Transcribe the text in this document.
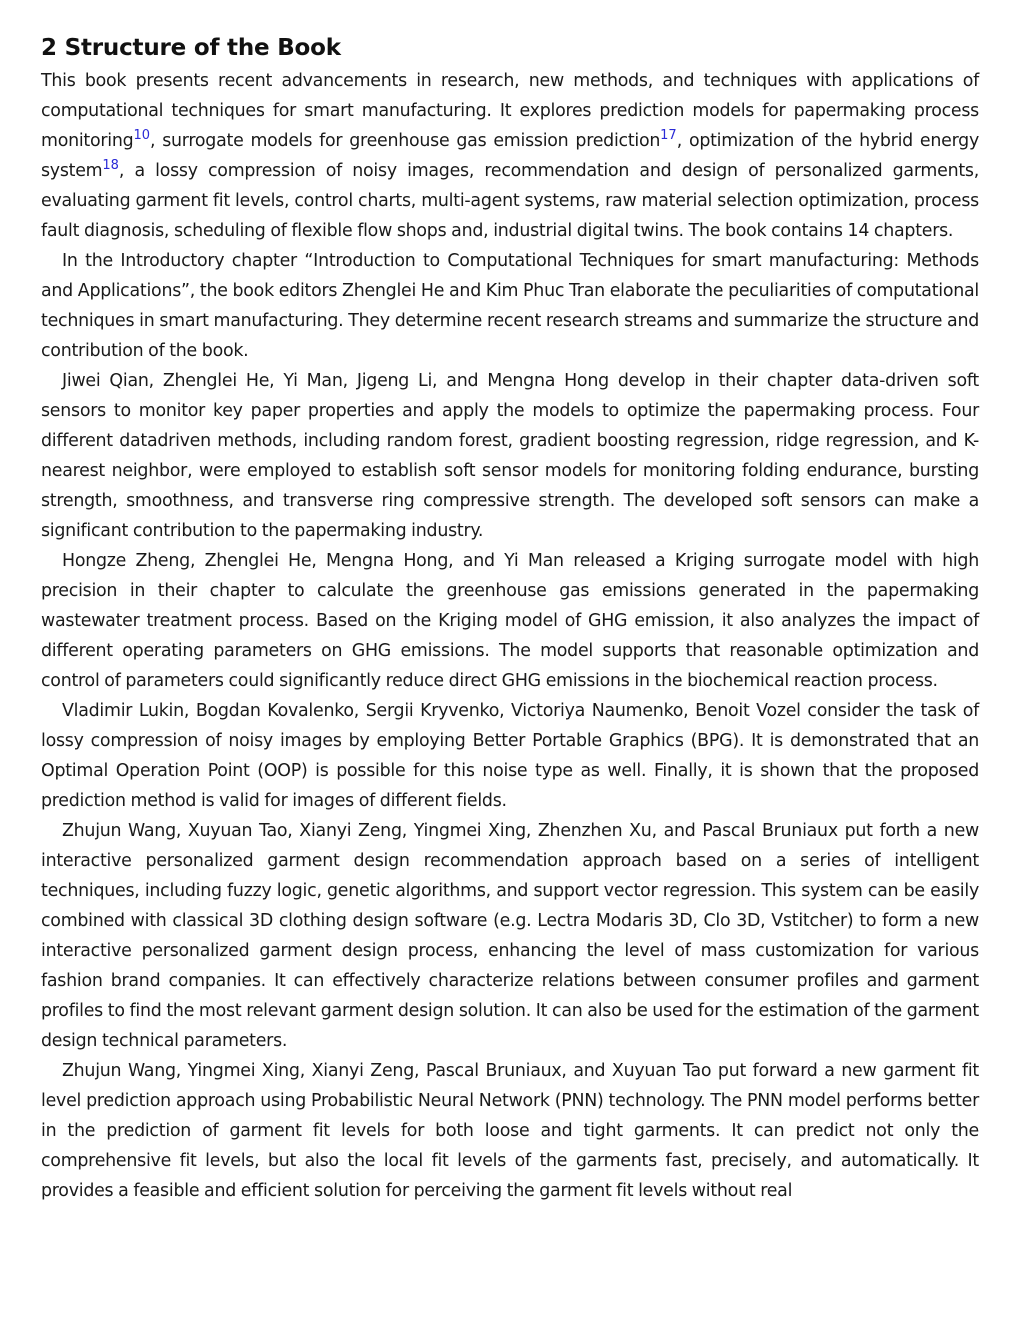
2 Structure of the Book

This book presents recent advancements in research, new methods, and techniques with applications of computational techniques for smart manufacturing. It explores prediction models for papermaking process monitoring$^{10}$, surrogate models for greenhouse gas emission prediction$^{17}$, optimization of the hybrid energy system$^{18}$, a lossy compression of noisy images, recommendation and design of personalized garments, evaluating garment fit levels, control charts, multi-agent systems, raw material selection optimization, process fault diagnosis, scheduling of flexible flow shops and, industrial digital twins. The book contains 14 chapters.

In the Introductory chapter “Introduction to Computational Techniques for smart manufacturing: Methods and Applications”, the book editors Zhenglei He and Kim Phuc Tran elaborate the peculiarities of computational techniques in smart manufacturing. They determine recent research streams and summarize the structure and contribution of the book.

Jiwei Qian, Zhenglei He, Yi Man, Jigeng Li, and Mengna Hong develop in their chapter data-driven soft sensors to monitor key paper properties and apply the models to optimize the papermaking process. Four different datadriven methods, including random forest, gradient boosting regression, ridge regression, and K-nearest neighbor, were employed to establish soft sensor models for monitoring folding endurance, bursting strength, smoothness, and transverse ring compressive strength. The developed soft sensors can make a significant contribution to the papermaking industry.

Hongze Zheng, Zhenglei He, Mengna Hong, and Yi Man released a Kriging surrogate model with high precision in their chapter to calculate the greenhouse gas emissions generated in the papermaking wastewater treatment process. Based on the Kriging model of GHG emission, it also analyzes the impact of different operating parameters on GHG emissions. The model supports that reasonable optimization and control of parameters could significantly reduce direct GHG emissions in the biochemical reaction process.

Vladimir Lukin, Bogdan Kovalenko, Sergii Kryvenko, Victoriya Naumenko, Benoit Vozel consider the task of lossy compression of noisy images by employing Better Portable Graphics (BPG). It is demonstrated that an Optimal Operation Point (OOP) is possible for this noise type as well. Finally, it is shown that the proposed prediction method is valid for images of different fields.

Zhujun Wang, Xuyuan Tao, Xianyi Zeng, Yingmei Xing, Zhenzhen Xu, and Pascal Bruniaux put forth a new interactive personalized garment design recommendation approach based on a series of intelligent techniques, including fuzzy logic, genetic algorithms, and support vector regression. This system can be easily combined with classical 3D clothing design software (e.g. Lectra Modaris 3D, Clo 3D, Vstitcher) to form a new interactive personalized garment design process, enhancing the level of mass customization for various fashion brand companies. It can effectively characterize relations between consumer profiles and garment profiles to find the most relevant garment design solution. It can also be used for the estimation of the garment design technical parameters.

Zhujun Wang, Yingmei Xing, Xianyi Zeng, Pascal Bruniaux, and Xuyuan Tao put forward a new garment fit level prediction approach using Probabilistic Neural Network (PNN) technology. The PNN model performs better in the prediction of garment fit levels for both loose and tight garments. It can predict not only the comprehensive fit levels, but also the local fit levels of the garments fast, precisely, and automatically. It provides a feasible and efficient solution for perceiving the garment fit levels without real
